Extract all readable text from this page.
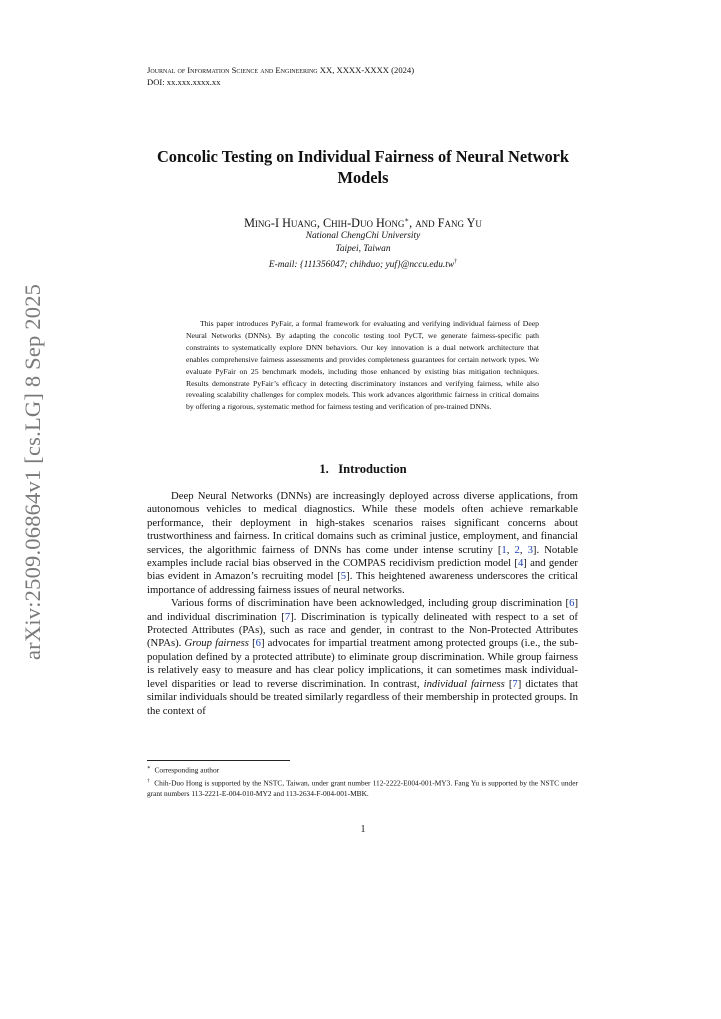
arXiv:2509.06864v1 [cs.LG] 8 Sep 2025
Journal of Information Science and Engineering XX, XXXX-XXXX (2024)
DOI: xx.xxx.xxxx.xx
Concolic Testing on Individual Fairness of Neural Network Models
Ming-I Huang, Chih-Duo Hong∗, and Fang Yu
National ChengChi University
Taipei, Taiwan
E-mail: {111356047; chihduo; yuf}@nccu.edu.tw†

This paper introduces PyFair, a formal framework for evaluating and verifying individual fairness of Deep Neural Networks (DNNs). By adapting the concolic testing tool PyCT, we generate fairness-specific path constraints to systematically explore DNN behaviors. Our key innovation is a dual network architecture that enables comprehensive fairness assessments and provides completeness guarantees for certain network types. We evaluate PyFair on 25 benchmark models, including those enhanced by existing bias mitigation techniques. Results demonstrate PyFair’s efficacy in detecting discriminatory instances and verifying fairness, while also revealing scalability challenges for complex models. This work advances algorithmic fairness in critical domains by offering a rigorous, systematic method for fairness testing and verification of pre-trained DNNs.

1. Introduction

Deep Neural Networks (DNNs) are increasingly deployed across diverse applications, from autonomous vehicles to medical diagnostics. While these models often achieve remarkable performance, their deployment in high-stakes scenarios raises significant concerns about trustworthiness and fairness. In critical domains such as criminal justice, employment, and financial services, the algorithmic fairness of DNNs has come under intense scrutiny [1, 2, 3]. Notable examples include racial bias observed in the COMPAS recidivism prediction model [4] and gender bias evident in Amazon’s recruiting model [5]. This heightened awareness underscores the critical importance of addressing fairness issues of neural networks.

Various forms of discrimination have been acknowledged, including group discrimination [6] and individual discrimination [7]. Discrimination is typically delineated with respect to a set of Protected Attributes (PAs), such as race and gender, in contrast to the Non-Protected Attributes (NPAs). Group fairness [6] advocates for impartial treatment among protected groups (i.e., the sub-population defined by a protected attribute) to eliminate group discrimination. While group fairness is relatively easy to measure and has clear policy implications, it can sometimes mask individual-level disparities or lead to reverse discrimination. In contrast, individual fairness [7] dictates that similar individuals should be treated similarly regardless of their membership in protected groups. In the context of

∗ Corresponding author

† Chih-Duo Hong is supported by the NSTC, Taiwan, under grant number 112-2222-E004-001-MY3. Fang Yu is supported by the NSTC under grant numbers 113-2221-E-004-010-MY2 and 113-2634-F-004-001-MBK.

1
